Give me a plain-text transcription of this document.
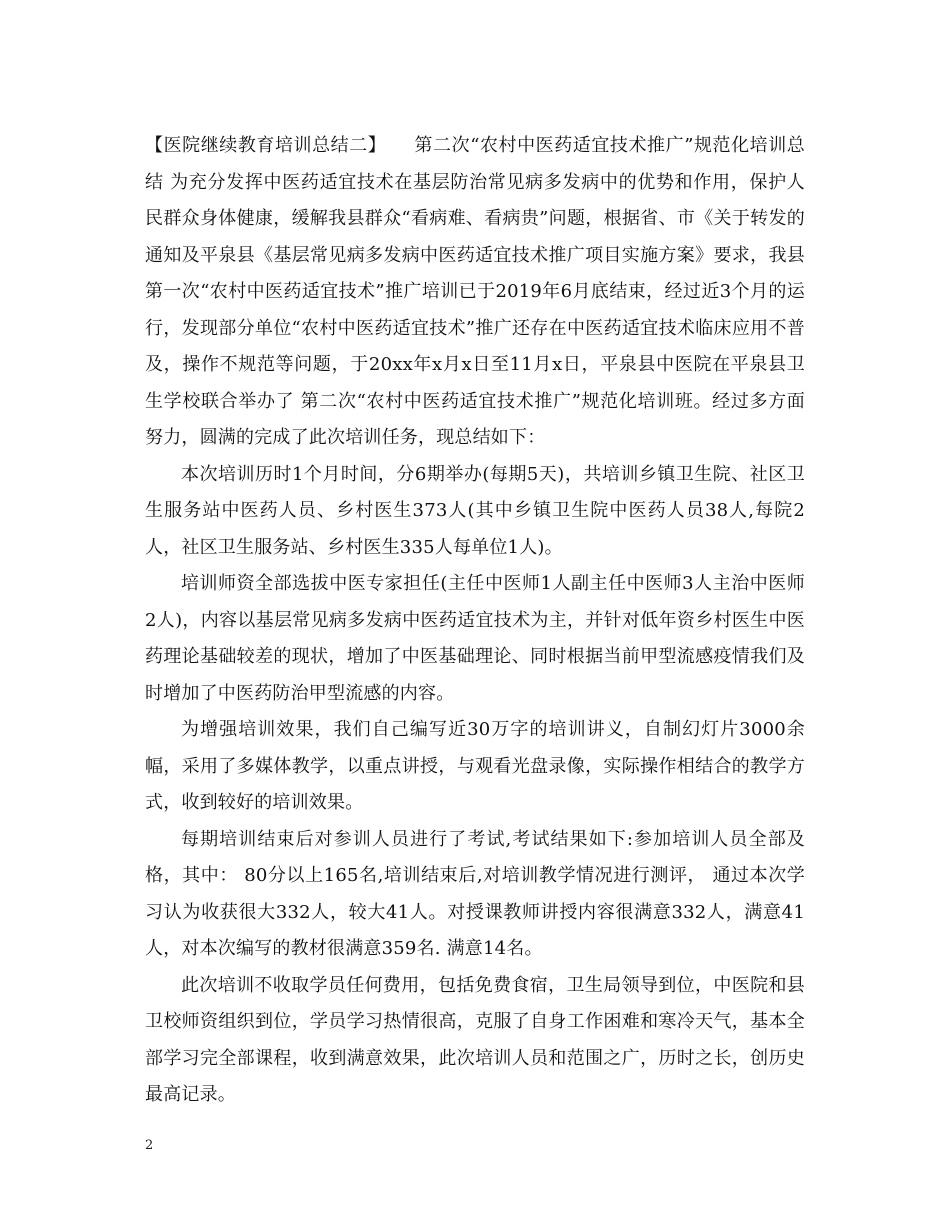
【医院继续教育培训总结二】　　第二次“农村中医药适宜技术推广”规范化培训总结 为充分发挥中医药适宜技术在基层防治常见病多发病中的优势和作用，保护人民群众身体健康，缓解我县群众“看病难、看病贵”问题，根据省、市《关于转发的通知及平泉县《基层常见病多发病中医药适宜技术推广项目实施方案》要求，我县第一次“农村中医药适宜技术”推广培训已于2019年6月底结束，经过近3个月的运行，发现部分单位“农村中医药适宜技术”推广还存在中医药适宜技术临床应用不普及，操作不规范等问题，于20xx年x月x日至11月x日，平泉县中医院在平泉县卫生学校联合举办了 第二次“农村中医药适宜技术推广”规范化培训班。经过多方面努力，圆满的完成了此次培训任务，现总结如下：

本次培训历时1个月时间，分6期举办(每期5天)，共培训乡镇卫生院、社区卫生服务站中医药人员、乡村医生373人(其中乡镇卫生院中医药人员38人,每院2人，社区卫生服务站、乡村医生335人每单位1人)。

培训师资全部选拔中医专家担任(主任中医师1人副主任中医师3人主治中医师2人)，内容以基层常见病多发病中医药适宜技术为主，并针对低年资乡村医生中医药理论基础较差的现状，增加了中医基础理论、同时根据当前甲型流感疫情我们及时增加了中医药防治甲型流感的内容。

为增强培训效果，我们自己编写近30万字的培训讲义，自制幻灯片3000余幅，采用了多媒体教学，以重点讲授，与观看光盘录像，实际操作相结合的教学方式，收到较好的培训效果。

每期培训结束后对参训人员进行了考试,考试结果如下:参加培训人员全部及格，其中： 80分以上165名,培训结束后,对培训教学情况进行测评， 通过本次学习认为收获很大332人，较大41人。对授课教师讲授内容很满意332人，满意41人，对本次编写的教材很满意359名. 满意14名。

此次培训不收取学员任何费用，包括免费食宿，卫生局领导到位，中医院和县卫校师资组织到位，学员学习热情很高，克服了自身工作困难和寒冷天气，基本全部学习完全部课程，收到满意效果，此次培训人员和范围之广，历时之长，创历史最高记录。

2
